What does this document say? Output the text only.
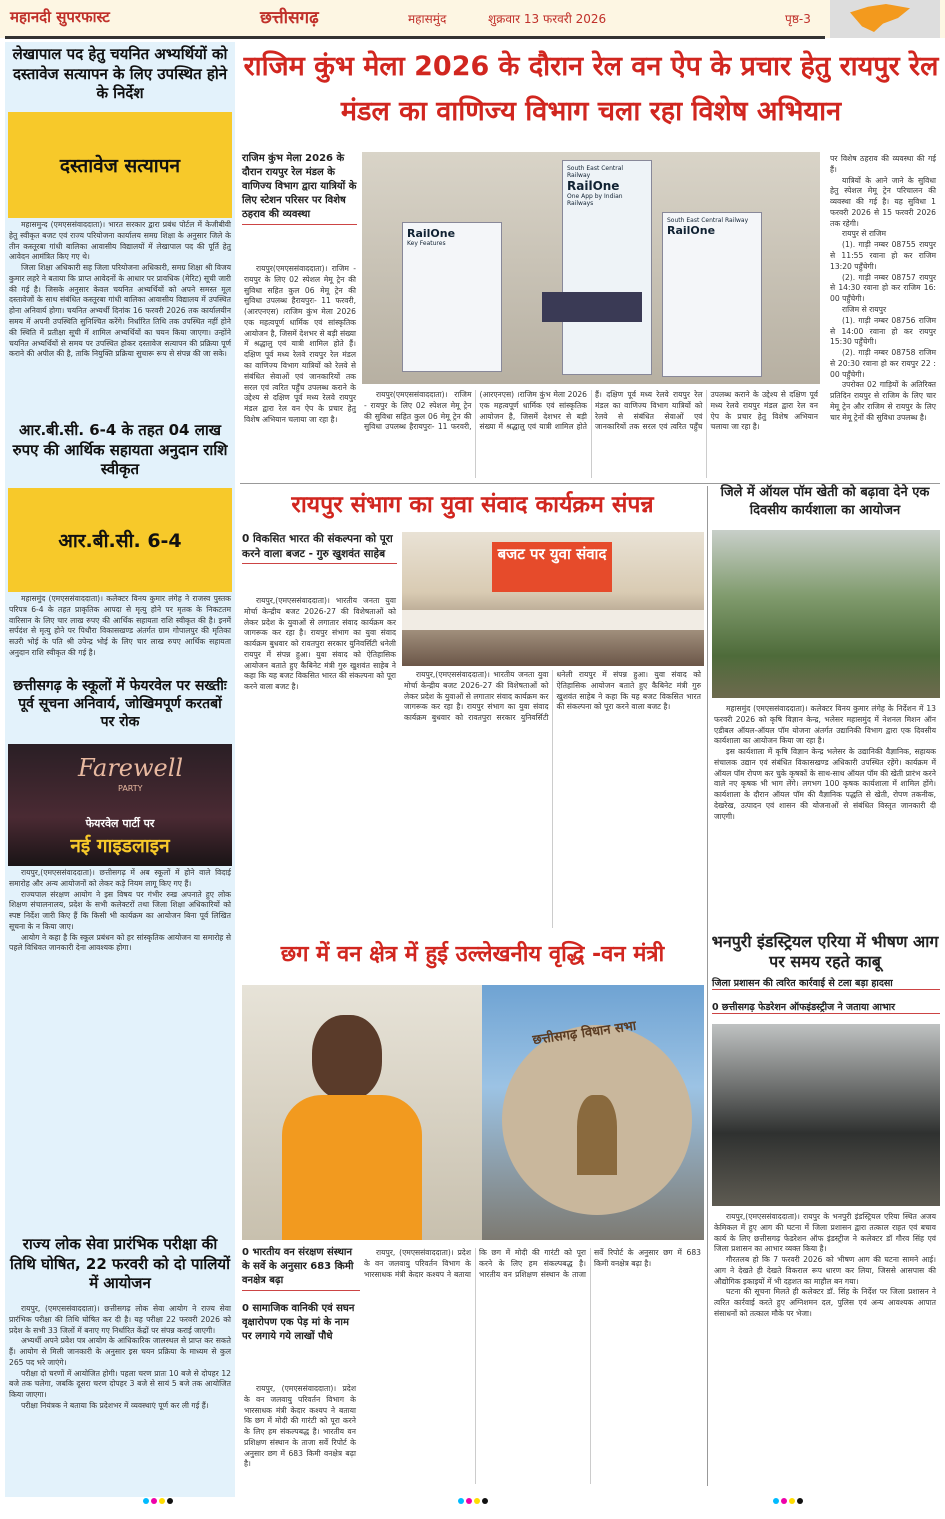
महानदी सुपरफास्ट	छत्तीसगढ़	महासमुंद	शुक्रवार 13 फरवरी 2026	पृष्ठ-3
लेखापाल पद हेतु चयनित अभ्यर्थियों को दस्तावेज सत्यापन के लिए उपस्थित होने के निर्देश
दस्तावेज सत्यापन

महासमुन्द (एमएससंवाददाता)। भारत सरकार द्वारा प्रबंध पोर्टल में केजीबीवी हेतु स्वीकृत बजट एवं राज्य परियोजना कार्यालय समग्र शिक्षा के अनुसार जिले के तीन कस्तूरबा गांधी बालिका आवासीय विद्यालयों में लेखापाल पद की पूर्ति हेतु आवेदन आमंत्रित किए गए थे।

जिला शिक्षा अधिकारी सह जिला परियोजना अधिकारी, समग्र शिक्षा श्री विजय कुमार लहरे ने बताया कि प्राप्त आवेदनों के आधार पर प्रावधिक (मेरिट) सूची जारी की गई है। जिसके अनुसार केवल चयनित अभ्यर्थियों को अपने समस्त मूल दस्तावेजों के साथ संबंधित कस्तूरबा गांधी बालिका आवासीय विद्यालय में उपस्थित होना अनिवार्य होगा। चयनित अभ्यर्थी दिनांक 16 फरवरी 2026 तक कार्यालयीन समय में अपनी उपस्थिति सुनिश्चित करेंगे। निर्धारित तिथि तक उपस्थित नहीं होने की स्थिति में प्रतीक्षा सूची में शामिल अभ्यर्थियों का चयन किया जाएगा। उन्होंने चयनित अभ्यर्थियों से समय पर उपस्थित होकर दस्तावेज सत्यापन की प्रक्रिया पूर्ण कराने की अपील की है, ताकि नियुक्ति प्रक्रिया सुचारू रूप से संपन्न की जा सके।

आर.बी.सी. 6-4 के तहत 04 लाख रुपए की आर्थिक सहायता अनुदान राशि स्वीकृत
आर.बी.सी. 6-4

महासमुंद (एमएससंवाददाता)। कलेक्टर विनय कुमार लंगेह ने राजस्व पुस्तक परिपत्र 6-4 के तहत प्राकृतिक आपदा से मृत्यु होने पर मृतक के निकटतम वारिसान के लिए चार लाख रुपए की आर्थिक सहायता राशि स्वीकृत की है। इनमें सर्पदंश से मृत्यु होने पर पिथौरा विकासखण्ड अंतर्गत ग्राम गोपालपुर की मृतिका सउरी भोई के पति श्री उपेन्द्र भोई के लिए चार लाख रुपए आर्थिक सहायता अनुदान राशि स्वीकृत की गई है।

छत्तीसगढ़ के स्कूलों में फेयरवेल पर सख्तीः पूर्व सूचना अनिवार्य, जोखिमपूर्ण करतबों पर रोक
Farewell
PARTY
फेयरवेल पार्टी पर
नई गाइडलाइन

रायपुर,(एमएससंवाददाता)। छत्तीसगढ़ में अब स्कूलों में होने वाले विदाई समारोह और अन्य आयोजनों को लेकर कड़े नियम लागू किए गए हैं।

राज्यपाल संरक्षण आयोग ने इस विषय पर गंभीर रुख अपनाते हुए लोक शिक्षण संचालनालय, प्रदेश के सभी कलेक्टरों तथा जिला शिक्षा अधिकारियों को स्पष्ट निर्देश जारी किए हैं कि किसी भी कार्यक्रम का आयोजन बिना पूर्व लिखित सूचना के न किया जाए।

आयोग ने कहा है कि स्कूल प्रबंधन को हर सांस्कृतिक आयोजन या समारोह से पहले विधिवत जानकारी देना आवश्यक होगा।

राज्य लोक सेवा प्रारंभिक परीक्षा की तिथि घोषित, 22 फरवरी को दो पालियों में आयोजन

रायपुर, (एमएससंवाददाता)। छत्तीसगढ़ लोक सेवा आयोग ने राज्य सेवा प्रारंभिक परीक्षा की तिथि घोषित कर दी है। यह परीक्षा 22 फरवरी 2026 को प्रदेश के सभी 33 जिलों में बनाए गए निर्धारित केंद्रों पर संपन्न कराई जाएगी।

अभ्यर्थी अपने प्रवेश पत्र आयोग के आधिकारिक जालस्थल से प्राप्त कर सकते हैं। आयोग से मिली जानकारी के अनुसार इस चयन प्रक्रिया के माध्यम से कुल 265 पद भरे जाएंगे।

परीक्षा दो चरणों में आयोजित होगी। पहला चरण प्रातः 10 बजे से दोपहर 12 बजे तक चलेगा, जबकि दूसरा चरण दोपहर 3 बजे से सायं 5 बजे तक आयोजित किया जाएगा।

परीक्षा नियंत्रक ने बताया कि प्रदेशभर में व्यवस्थाएं पूर्ण कर ली गई हैं।

राजिम कुंभ मेला 2026 के दौरान रेल वन ऐप के प्रचार हेतु रायपुर रेल मंडल का वाणिज्य विभाग चला रहा विशेष अभियान
राजिम कुंभ मेला 2026 के दौरान रायपुर रेल मंडल के वाणिज्य विभाग द्वारा यात्रियों के लिए स्टेशन परिसर पर विशेष ठहराव की व्यवस्था

रायपुर(एमएससंवाददाता)। राजिम - रायपुर के लिए 02 स्पेशल मेमू ट्रेन की सुविधा सहित कुल 06 मेमू ट्रेन की सुविधा उपलब्ध हैरायपुरः- 11 फरवरी,(आरएनएस) ।राजिम कुंभ मेला 2026 एक महत्वपूर्ण धार्मिक एवं सांस्कृतिक आयोजन है, जिसमें देशभर से बड़ी संख्या में श्रद्धालु एवं यात्री शामिल होते हैं। दक्षिण पूर्व मध्य रेलवे रायपुर रेल मंडल का वाणिज्य विभाग यात्रियों को रेलवे से संबंधित सेवाओं एवं जानकारियों तक सरल एवं त्वरित पहुँच उपलब्ध कराने के उद्देश्य से दक्षिण पूर्व मध्य रेलवे रायपुर मंडल द्वारा रेल वन ऐप के प्रचार हेतु विशेष अभियान चलाया जा रहा है।

South East Central Railway
RailOne
One App by Indian Railways
RailOne
Key Features
South East Central Railway
RailOne

रायपुर(एमएससंवाददाता)। राजिम - रायपुर के लिए 02 स्पेशल मेमू ट्रेन की सुविधा सहित कुल 06 मेमू ट्रेन की सुविधा उपलब्ध हैरायपुरः- 11 फरवरी,(आरएनएस) ।राजिम कुंभ मेला 2026 एक महत्वपूर्ण धार्मिक एवं सांस्कृतिक आयोजन है, जिसमें देशभर से बड़ी संख्या में श्रद्धालु एवं यात्री शामिल होते हैं। दक्षिण पूर्व मध्य रेलवे रायपुर रेल मंडल का वाणिज्य विभाग यात्रियों को रेलवे से संबंधित सेवाओं एवं जानकारियों तक सरल एवं त्वरित पहुँच उपलब्ध कराने के उद्देश्य से दक्षिण पूर्व मध्य रेलवे रायपुर मंडल द्वारा रेल वन ऐप के प्रचार हेतु विशेष अभियान चलाया जा रहा है।

पर विशेष ठहराव की व्यवस्था की गई हैं।

यात्रियों के आने जाने के सुविधा हेतु स्पेशल मेमू ट्रेन परिचालन की व्यवस्था की गई है। यह सुविधा 1 फरवरी 2026 से 15 फरवरी 2026 तक रहेगी।

रायपुर से राजिम

(1). गाड़ी नम्बर 08755 रायपुर से 11:55 रवाना हो कर राजिम 13:20 पहुँचेगी।

(2). गाड़ी नम्बर 08757 रायपुर से 14:30 रवाना हो कर राजिम 16: 00 पहुँचेगी।

राजिम से रायपुर

(1). गाड़ी नम्बर 08756 राजिम से 14:00 रवाना हो कर रायपुर 15:30 पहुँचेगी।

(2). गाड़ी नम्बर 08758 राजिम से 20:30 रवाना हो कर रायपुर 22 : 00 पहुँचेगी।

उपरोक्त 02 गाड़ियों के अतिरिक्त प्रतिदिन रायपुर से राजिम के लिए चार मेमू ट्रेन और राजिम से रायपुर के लिए चार मेमू ट्रेनों की सुविधा उपलब्ध है।

रायपुर संभाग का युवा संवाद कार्यक्रम संपन्न
0 विकसित भारत की संकल्पना को पूरा करने वाला बजट - गुरु खुशवंत साहेब

रायपुर,(एमएससंवाददाता)। भारतीय जनता युवा मोर्चा केन्द्रीय बजट 2026-27 की विशेषताओं को लेकर प्रदेश के युवाओं से लगातार संवाद कार्यक्रम कर जागरूक कर रहा है। रायपुर संभाग का युवा संवाद कार्यक्रम बुधवार को रावतपुरा सरकार युनिवर्सिटी धनेली रायपुर में संपन्न हुआ। युवा संवाद को ऐतिहासिक आयोजन बताते हुए कैबिनेट मंत्री गुरु खुशवंत साहेब ने कहा कि यह बजट विकसित भारत की संकल्पना को पूरा करने वाला बजट है।

बजट पर युवा संवाद

रायपुर,(एमएससंवाददाता)। भारतीय जनता युवा मोर्चा केन्द्रीय बजट 2026-27 की विशेषताओं को लेकर प्रदेश के युवाओं से लगातार संवाद कार्यक्रम कर जागरूक कर रहा है। रायपुर संभाग का युवा संवाद कार्यक्रम बुधवार को रावतपुरा सरकार युनिवर्सिटी धनेली रायपुर में संपन्न हुआ। युवा संवाद को ऐतिहासिक आयोजन बताते हुए कैबिनेट मंत्री गुरु खुशवंत साहेब ने कहा कि यह बजट विकसित भारत की संकल्पना को पूरा करने वाला बजट है।

जिले में ऑयल पॉम खेती को बढ़ावा देने एक दिवसीय कार्यशाला का आयोजन

महासमुंद (एमएससंवाददाता)। कलेक्टर विनय कुमार लंगेह के निर्देशन में 13 फरवरी 2026 को कृषि विज्ञान केन्द्र, भलेसर महासमुंद में नेशनल मिशन ऑन एडीबल ऑयल-ऑयल पॉम योजना अंतर्गत उद्यानिकी विभाग द्वारा एक दिवसीय कार्यशाला का आयोजन किया जा रहा है।

इस कार्यशाला में कृषि विज्ञान केन्द्र भलेसर के उद्यानिकी वैज्ञानिक, सहायक संचालक उद्यान एवं संबंधित विकासखण्ड अधिकारी उपस्थित रहेंगे। कार्यक्रम में ऑयल पॉम रोपण कर चुके कृषकों के साथ-साथ ऑयल पॉम की खेती प्रारंभ करने वाले नए कृषक भी भाग लेंगे। लगभग 100 कृषक कार्यशाला में शामिल होंगे। कार्यशाला के दौरान ऑयल पॉम की वैज्ञानिक पद्धति से खेती, रोपण तकनीक, देखरेख, उत्पादन एवं शासन की योजनाओं से संबंधित विस्तृत जानकारी दी जाएगी।

छग में वन क्षेत्र में हुई उल्लेखनीय वृद्धि -वन मंत्री
छत्तीसगढ़ विधान सभा
0 भारतीय वन संरक्षण संस्थान के सर्वे के अनुसार 683 किमी वनक्षेत्र बढ़ा
0 सामाजिक वानिकी एवं सघन वृक्षारोपण एक पेड़ मां के नाम पर लगाये गये लाखों पौधे

रायपुर, (एमएससंवाददाता)। प्रदेश के वन जलवायु परिवर्तन विभाग के भारसाधक मंत्री केदार कश्यप ने बताया कि छग में मोदी की गारंटी को पूरा करने के लिए हम संकल्पबद्ध है। भारतीय वन प्रशिक्षण संस्थान के ताजा सर्वे रिपोर्ट के अनुसार छग में 683 किमी वनक्षेत्र बढ़ा है।

रायपुर, (एमएससंवाददाता)। प्रदेश के वन जलवायु परिवर्तन विभाग के भारसाधक मंत्री केदार कश्यप ने बताया कि छग में मोदी की गारंटी को पूरा करने के लिए हम संकल्पबद्ध है। भारतीय वन प्रशिक्षण संस्थान के ताजा सर्वे रिपोर्ट के अनुसार छग में 683 किमी वनक्षेत्र बढ़ा है।

भनपुरी इंडस्ट्रियल एरिया में भीषण आग पर समय रहते काबू
जिला प्रशासन की त्वरित कार्रवाई से टला बड़ा हादसा
0 छत्तीसगढ़ फेडरेशन ऑफइंडस्ट्रीज ने जताया आभार

रायपुर,(एमएससंवाददाता)। रायपुर के भनपुरी इंडस्ट्रियल एरिया स्थित अजय केमिकल में हुए आग की घटना में जिला प्रशासन द्वारा तत्काल राहत एवं बचाव कार्य के लिए छत्तीसगढ़ फेडरेशन ऑफ इंडस्ट्रीज ने कलेक्टर डॉ गौरव सिंह एवं जिला प्रशासन का आभार व्यक्त किया है।

गौरतलब हो कि 7 फरवरी 2026 को भीषण आग की घटना सामने आई। आग ने देखते ही देखते विकराल रूप धारण कर लिया, जिससे आसपास की औद्योगिक इकाइयों में भी दहशत का माहौल बन गया।

घटना की सूचना मिलते ही कलेक्टर डॉ. सिंह के निर्देश पर जिला प्रशासन ने त्वरित कार्रवाई करते हुए अग्निशमन दल, पुलिस एवं अन्य आवश्यक आपात संसाधनों को तत्काल मौके पर भेजा।
